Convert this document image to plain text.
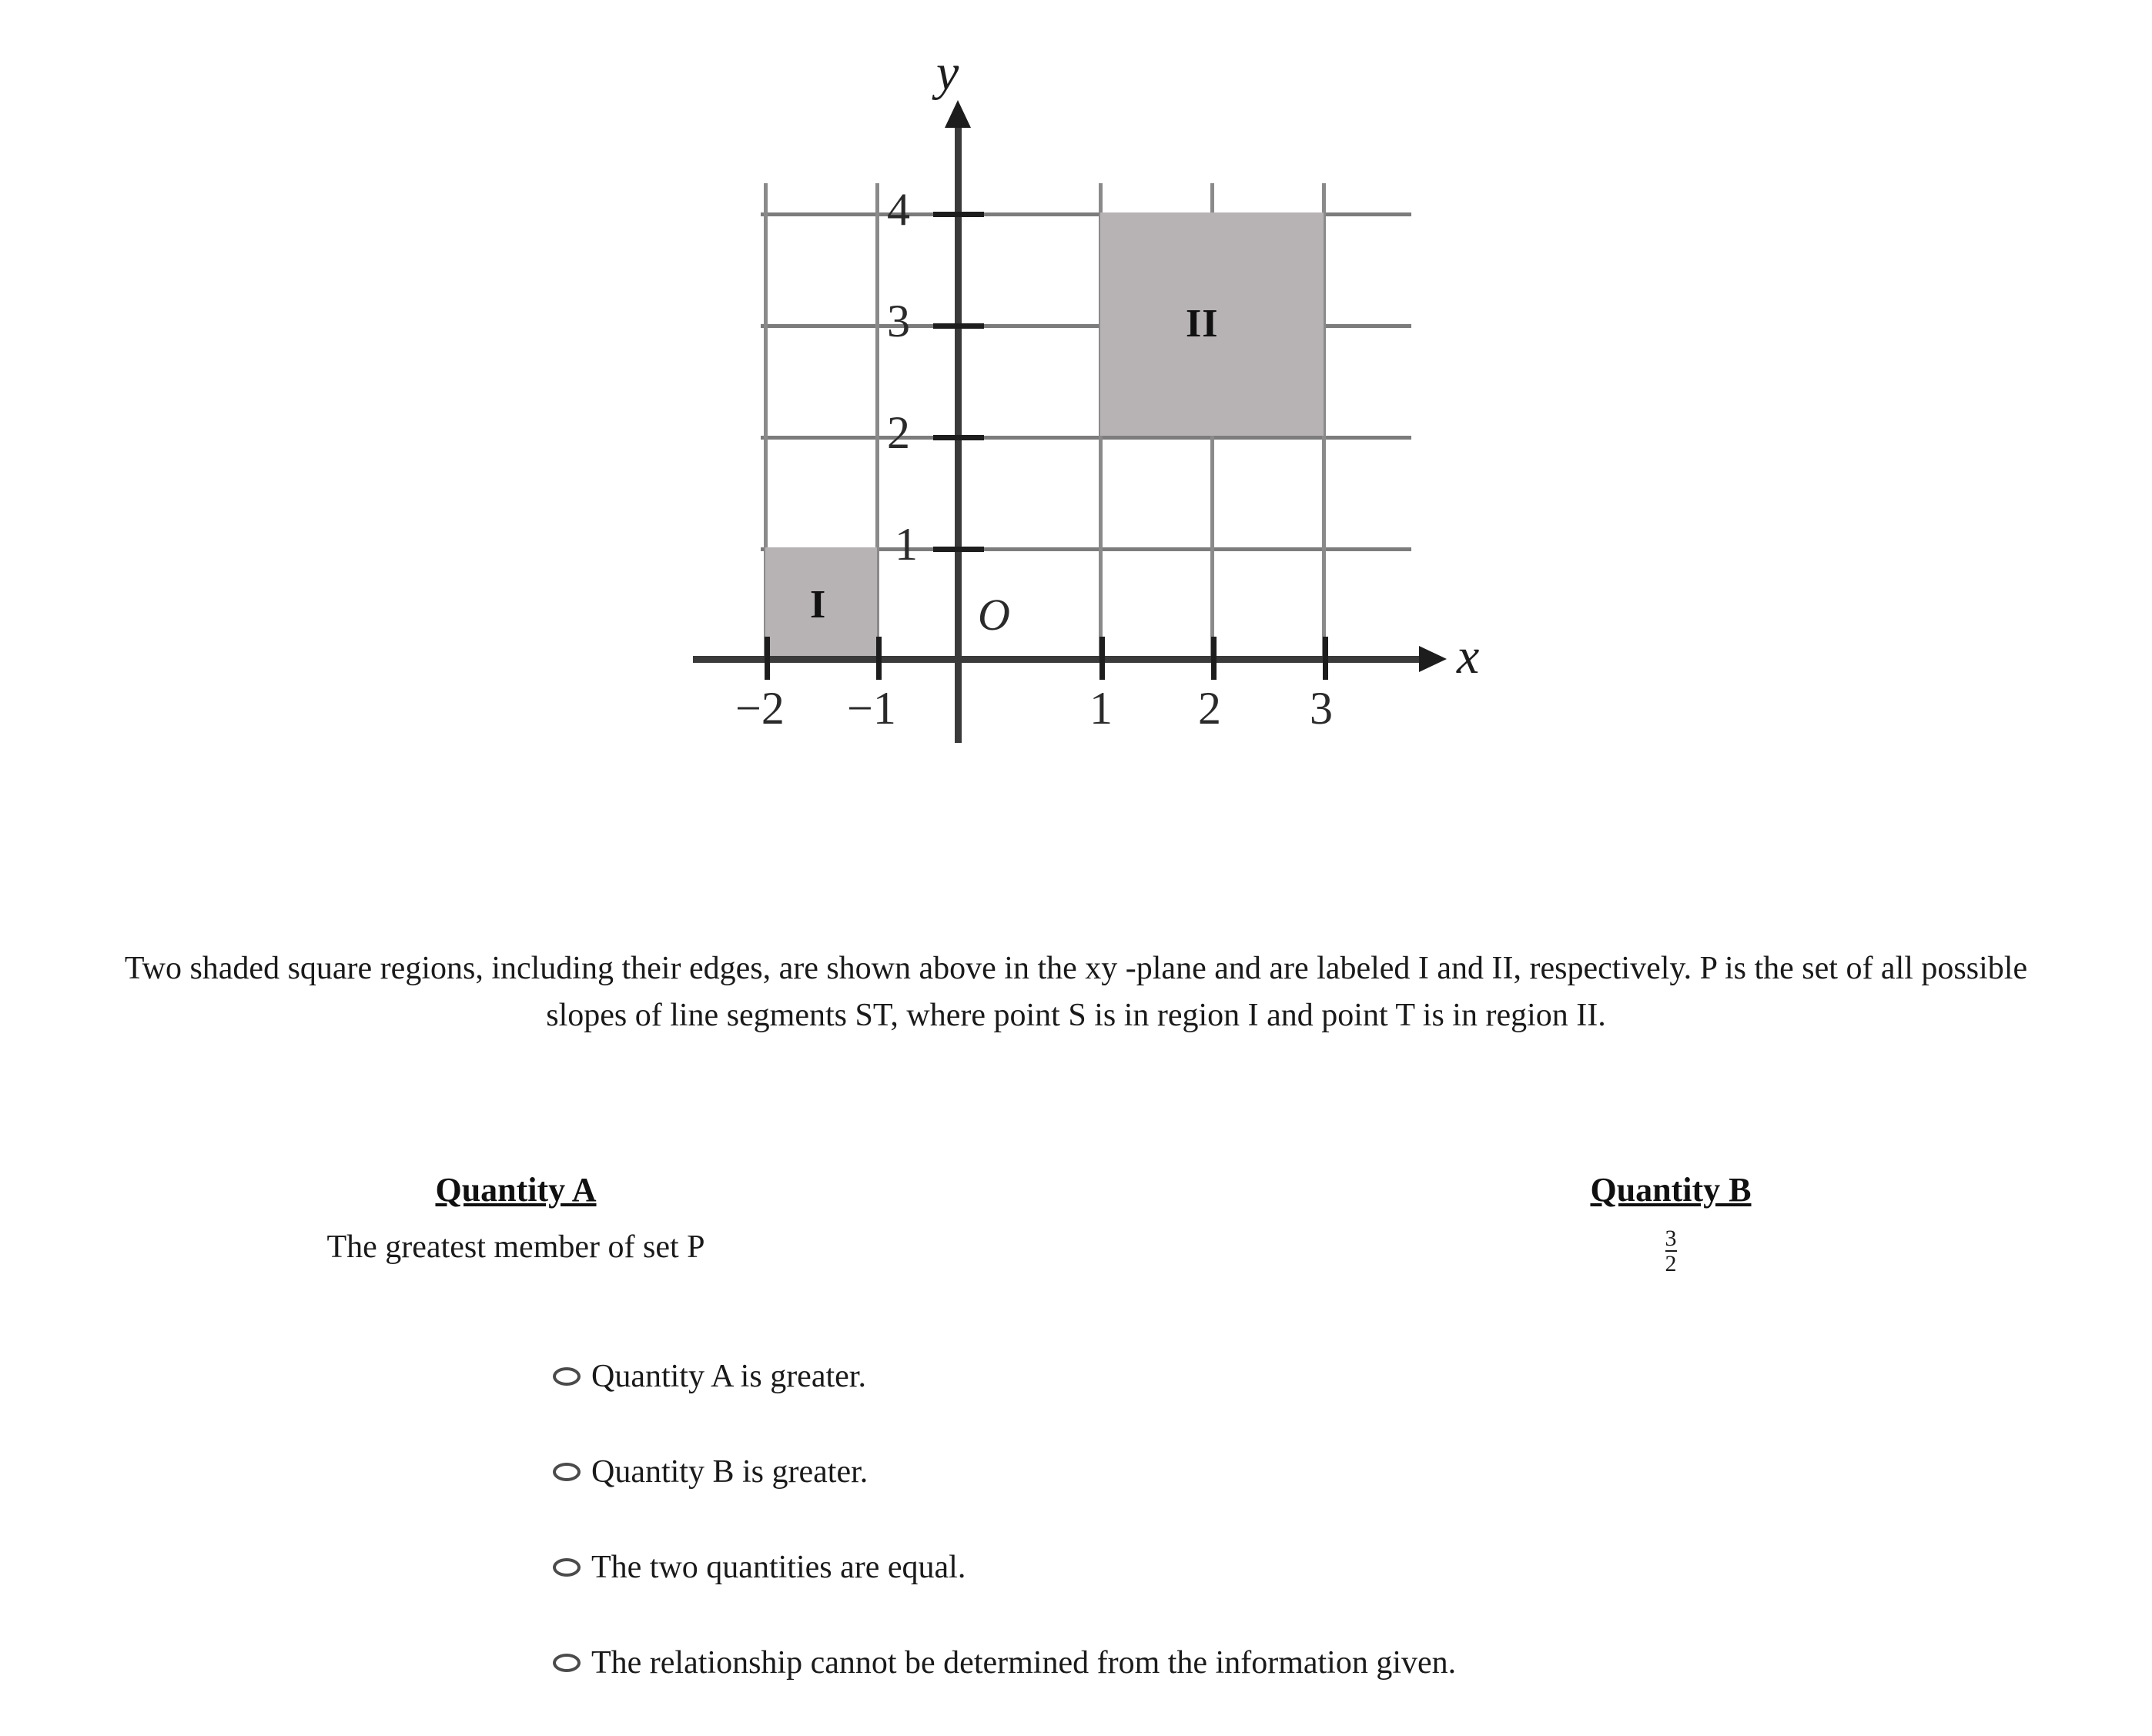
I
II
−2 −1	1 2 3
4
3
2
1
y
x
O
Two shaded square regions, including their edges, are shown above in the xy -plane and are labeled I and II, respectively. P is the set of all possible slopes of line segments ST, where point S is in region I and point T is in region II.
Quantity A
The greatest member of set P
Quantity B
$\frac{3}{2}$
Quantity A is greater.
Quantity B is greater.
The two quantities are equal.
The relationship cannot be determined from the information given.
